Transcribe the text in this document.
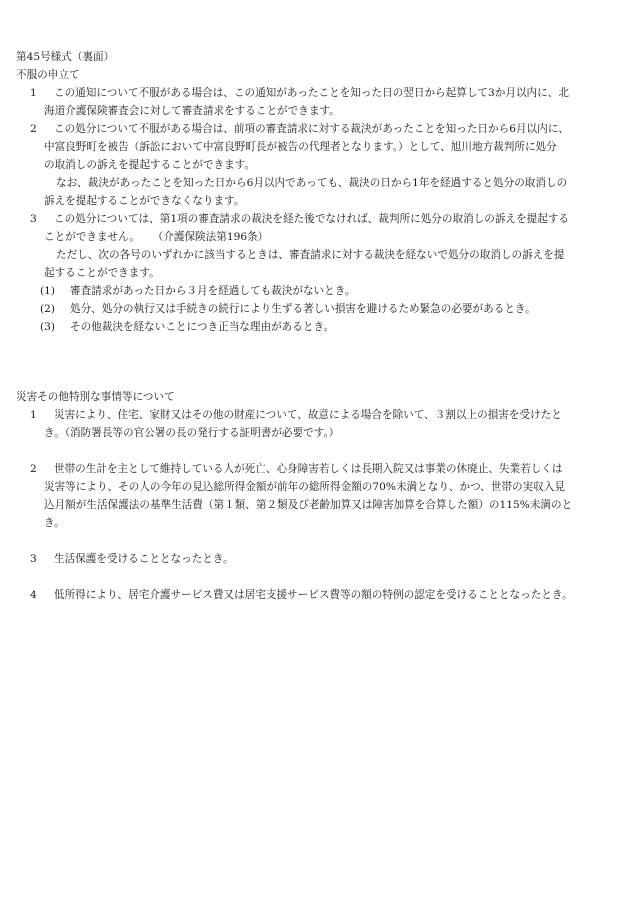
第45号様式（裏面）
不服の申立て
1 この通知について不服がある場合は、この通知があったことを知った日の翌日から起算して3か月以内に、北
海道介護保険審査会に対して審査請求をすることができます。
2 この処分について不服がある場合は、前項の審査請求に対する裁決があったことを知った日から6月以内に、
中富良野町を被告（訴訟において中富良野町長が被告の代理者となります。）として、旭川地方裁判所に処分
の取消しの訴えを提起することができます。
なお、裁決があったことを知った日から6月以内であっても、裁決の日から1年を経過すると処分の取消しの
訴えを提起することができなくなります。
3 この処分については、第1項の審査請求の裁決を経た後でなければ、裁判所に処分の取消しの訴えを提起する
ことができません。 （介護保険法第196条）
ただし、次の各号のいずれかに該当するときは、審査請求に対する裁決を経ないで処分の取消しの訴えを提
起することができます。
(1) 審査請求があった日から３月を経過しても裁決がないとき。
(2) 処分、処分の執行又は手続きの続行により生ずる著しい損害を避けるため緊急の必要があるとき。
(3) その他裁決を経ないことにつき正当な理由があるとき。
災害その他特別な事情等について
1 災害により、住宅、家財又はその他の財産について、故意による場合を除いて、３割以上の損害を受けたと
き。（消防署長等の官公署の長の発行する証明書が必要です。）
2 世帯の生計を主として維持している人が死亡、心身障害若しくは長期入院又は事業の休廃止、失業若しくは
災害等により、その人の今年の見込総所得金額が前年の総所得金額の70%未満となり、かつ、世帯の実収入見
込月額が生活保護法の基準生活費（第１類、第２類及び老齢加算又は障害加算を合算した額）の115%未満のと
き。
3 生活保護を受けることとなったとき。
4 低所得により、居宅介護サービス費又は居宅支援サービス費等の額の特例の認定を受けることとなったとき。
